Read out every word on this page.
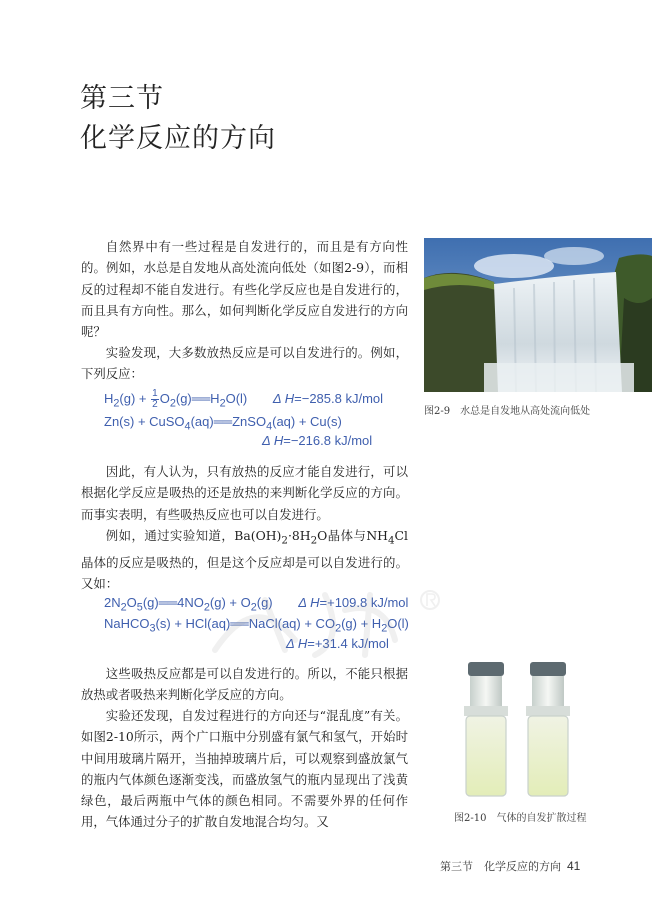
第三节
化学反应的方向

自然界中有一些过程是自发进行的，而且是有方向性的。例如，水总是自发地从高处流向低处（如图2-9），而相反的过程却不能自发进行。有些化学反应也是自发进行的，而且具有方向性。那么，如何判断化学反应自发进行的方向呢？

实验发现，大多数放热反应是可以自发进行的。例如，下列反应：

$H_2(g) + \frac{1}{2}$ $O_2(g)══H_2O(l)$ Δ H=−285.8 kJ/mol
Zn(s) + CuSO$_4$(aq)══ZnSO$_4$(aq) + Cu(s)
Δ H=−216.8 kJ/mol

因此，有人认为，只有放热的反应才能自发进行，可以根据化学反应是吸热的还是放热的来判断化学反应的方向。而事实表明，有些吸热反应也可以自发进行。

例如，通过实验知道，$Ba(OH)_2\cdot 8H_2O$晶体与$NH_4Cl$晶体的反应是吸热的，但是这个反应却是可以自发进行的。又如：

$2N_2O_5(g)══4NO_2(g) + O_2(g)$ Δ H=+109.8 kJ/mol
NaHCO$_3$(s) + HCl(aq)══NaCl(aq) + $CO_2(g) + H_2O(l)$
Δ H=+31.4 kJ/mol

这些吸热反应都是可以自发进行的。所以，不能只根据放热或者吸热来判断化学反应的方向。

实验还发现，自发过程进行的方向还与“混乱度”有关。如图2-10所示，两个广口瓶中分别盛有氯气和氢气，开始时中间用玻璃片隔开，当抽掉玻璃片后，可以观察到盛放氯气的瓶内气体颜色逐渐变浅，而盛放氢气的瓶内显现出了浅黄绿色，最后两瓶中气体的颜色相同。不需要外界的任何作用，气体通过分子的扩散自发地混合均匀。又

图2-9　水总是自发地从高处流向低处
图2-10　气体的自发扩散过程
第三节　化学反应的方向 41
